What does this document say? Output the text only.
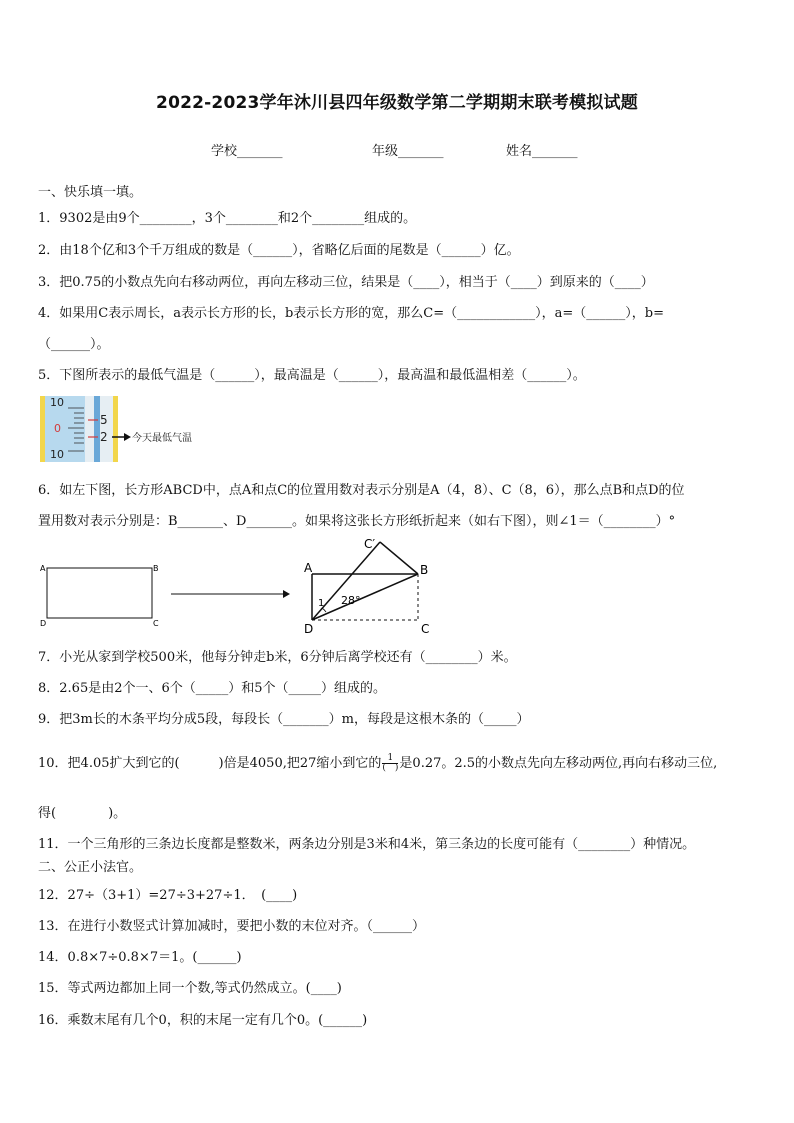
2022-2023学年沐川县四年级数学第二学期期末联考模拟试题
学校_______	年级_______	姓名_______
一、快乐填一填。
1．9302是由9个________，3个________和2个________组成的。
2．由18个亿和3个千万组成的数是（______），省略亿后面的尾数是（______）亿。
3．把0.75的小数点先向右移动两位，再向左移动三位，结果是（____），相当于（____）到原来的（____）
4．如果用C表示周长，a表示长方形的长，b表示长方形的宽，那么C=（____________），a=（______），b=
（______）。
5．下图所表示的最低气温是（______），最高温是（______），最高温和最低温相差（______）。
10
0
10
5
2 今天最低气温
6．如左下图，长方形ABCD中，点A和点C的位置用数对表示分别是A（4，8）、C（8，6），那么点B和点D的位
置用数对表示分别是：B_______、D_______。如果将这张长方形纸折起来（如右下图），则∠1＝（________）°
A	B
C
D
A	B
C
D
C′
1 28°
7．小光从家到学校500米，他每分钟走b米，6分钟后离学校还有（________）米。
8．2.65是由2个一、6个（_____）和5个（_____）组成的。
9．把3m长的木条平均分成5段，每段长（_______）m，每段是这根木条的（_____）
10．把4.05扩大到它的(　　　)倍是4050,把27缩小到它的 $\frac{1}{( )}$ 是0.27。2.5的小数点先向左移动两位,再向右移动三位,
得(　　　　)。
11．一个三角形的三条边长度都是整数米，两条边分别是3米和4米，第三条边的长度可能有（________）种情况。
二、公正小法官。
12．27÷（3+1）=27÷3+27÷1．　(____)
13．在进行小数竖式计算加减时，要把小数的末位对齐。（______）
14．0.8×7÷0.8×7＝1。(______)
15．等式两边都加上同一个数,等式仍然成立。(____)
16．乘数末尾有几个0，积的末尾一定有几个0。(______)
